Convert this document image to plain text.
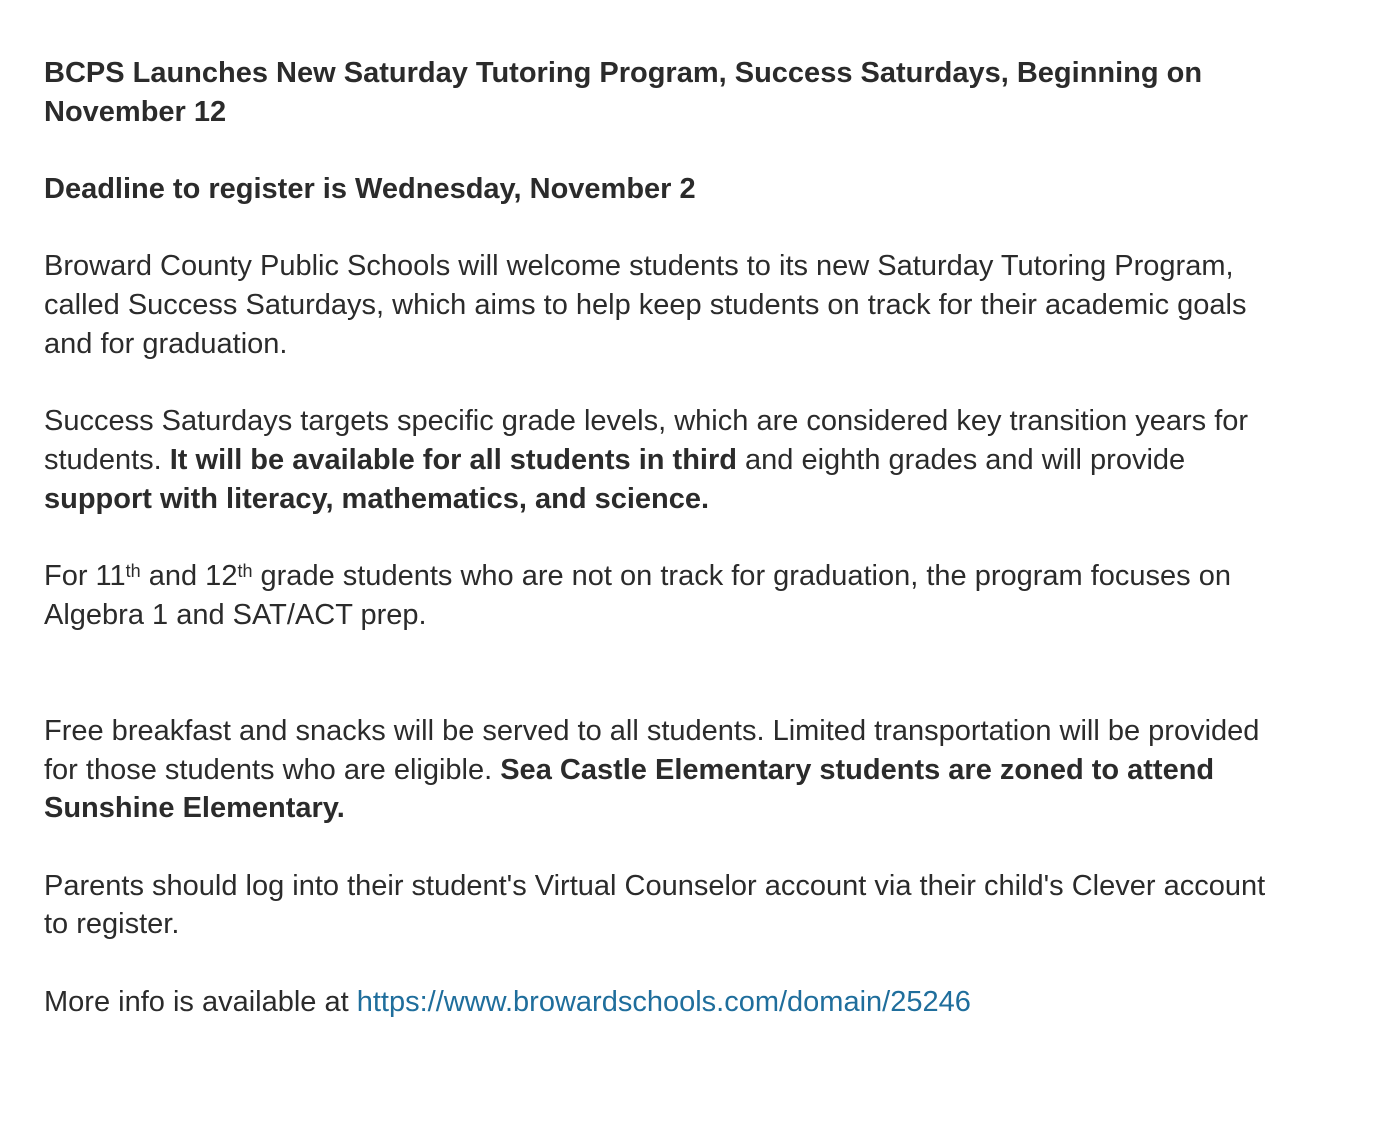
BCPS Launches New Saturday Tutoring Program, Success Saturdays, Beginning on November 12

Deadline to register is Wednesday, November 2

Broward County Public Schools will welcome students to its new Saturday Tutoring Program, called Success Saturdays, which aims to help keep students on track for their academic goals and for graduation.

Success Saturdays targets specific grade levels, which are considered key transition years for students. It will be available for all students in third and eighth grades and will provide support with literacy, mathematics, and science.

For 11th and 12th grade students who are not on track for graduation, the program focuses on Algebra 1 and SAT/ACT prep.

Free breakfast and snacks will be served to all students. Limited transportation will be provided for those students who are eligible. Sea Castle Elementary students are zoned to attend Sunshine Elementary.

Parents should log into their student's Virtual Counselor account via their child's Clever account to register.

More info is available at https://www.browardschools.com/domain/25246
